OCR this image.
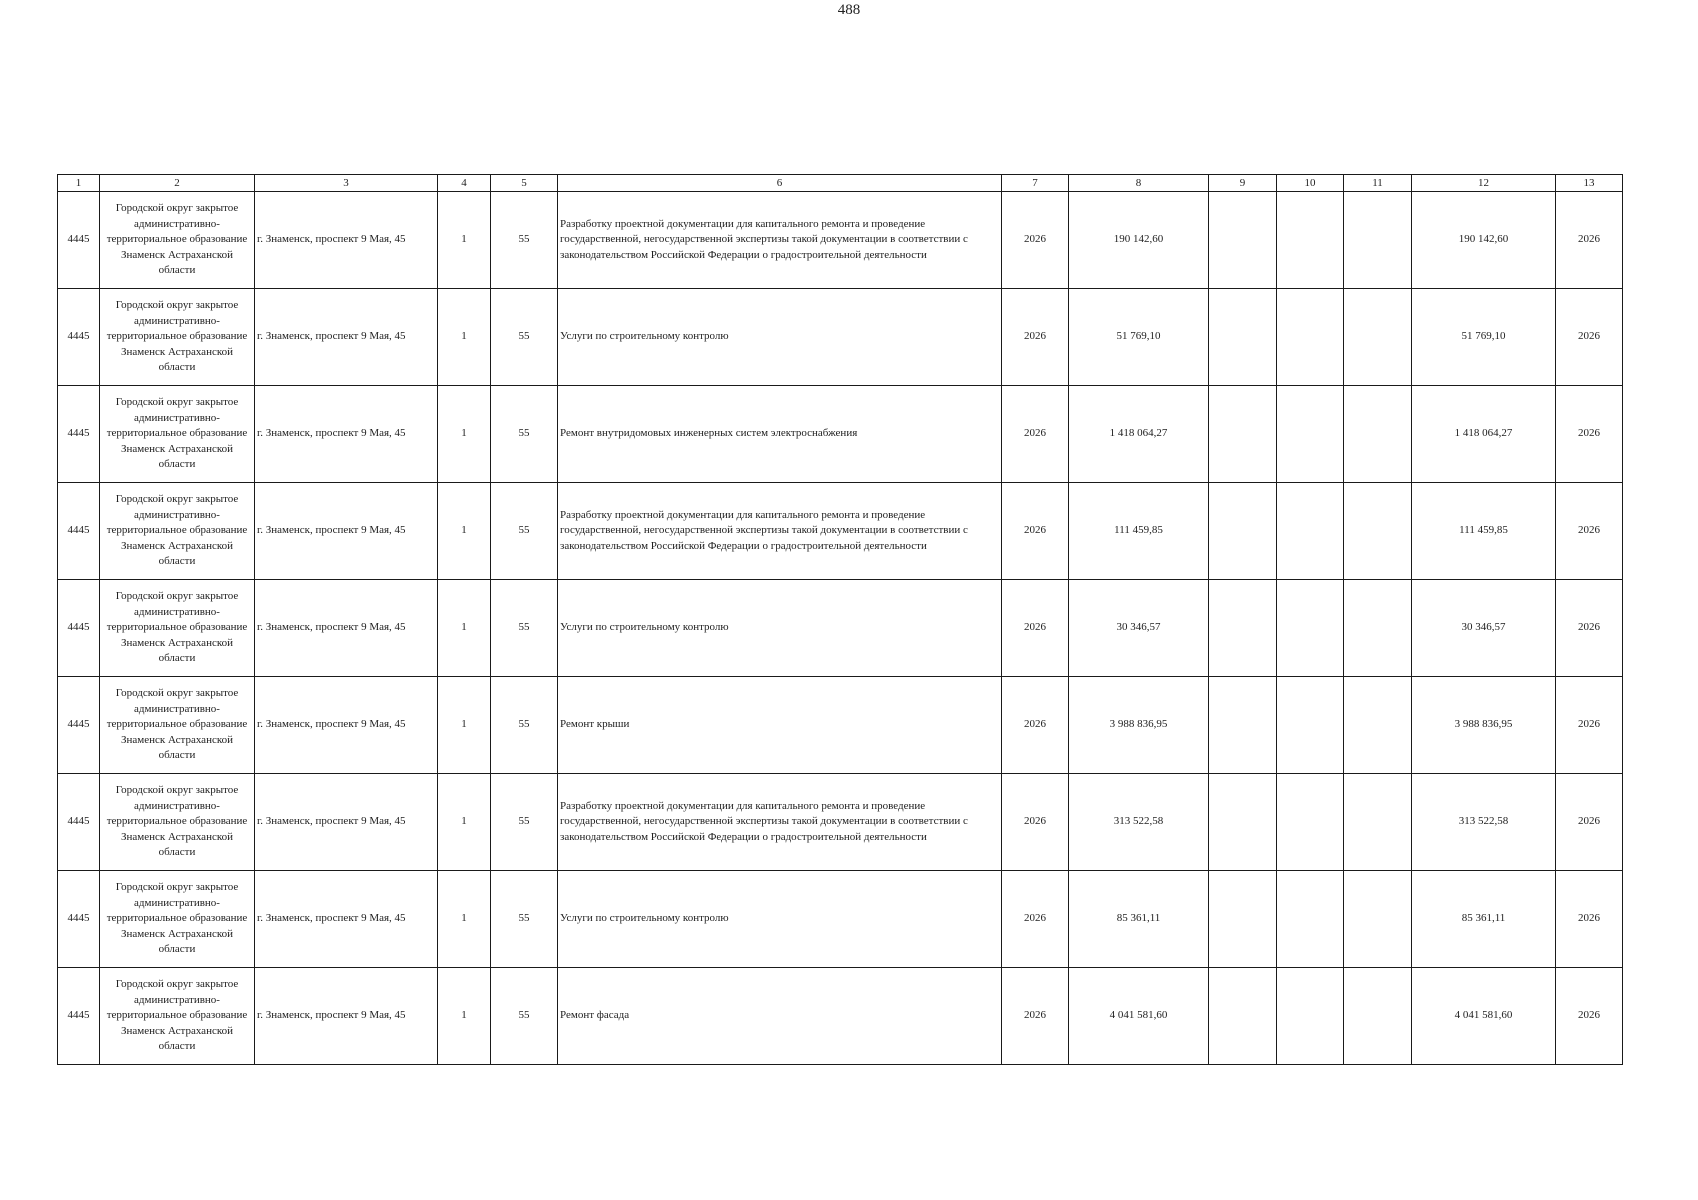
488
1	2	3	4	5	6	7	8	9	10	11	12	13
4445	Городской округ закрытое административно-территориальное образование Знаменск Астраханской области	г. Знаменск, проспект 9 Мая, 45	1	55	Разработку проектной документации для капитального ремонта и проведение государственной, негосударственной экспертизы такой документации в соответствии с законодательством Российской Федерации о градостроительной деятельности	2026	190 142,60				190 142,60	2026
4445	Городской округ закрытое административно-территориальное образование Знаменск Астраханской области	г. Знаменск, проспект 9 Мая, 45	1	55	Услуги по строительному контролю	2026	51 769,10				51 769,10	2026
4445	Городской округ закрытое административно-территориальное образование Знаменск Астраханской области	г. Знаменск, проспект 9 Мая, 45	1	55	Ремонт внутридомовых инженерных систем электроснабжения	2026	1 418 064,27				1 418 064,27	2026
4445	Городской округ закрытое административно-территориальное образование Знаменск Астраханской области	г. Знаменск, проспект 9 Мая, 45	1	55	Разработку проектной документации для капитального ремонта и проведение государственной, негосударственной экспертизы такой документации в соответствии с законодательством Российской Федерации о градостроительной деятельности	2026	111 459,85				111 459,85	2026
4445	Городской округ закрытое административно-территориальное образование Знаменск Астраханской области	г. Знаменск, проспект 9 Мая, 45	1	55	Услуги по строительному контролю	2026	30 346,57				30 346,57	2026
4445	Городской округ закрытое административно-территориальное образование Знаменск Астраханской области	г. Знаменск, проспект 9 Мая, 45	1	55	Ремонт крыши	2026	3 988 836,95				3 988 836,95	2026
4445	Городской округ закрытое административно-территориальное образование Знаменск Астраханской области	г. Знаменск, проспект 9 Мая, 45	1	55	Разработку проектной документации для капитального ремонта и проведение государственной, негосударственной экспертизы такой документации в соответствии с законодательством Российской Федерации о градостроительной деятельности	2026	313 522,58				313 522,58	2026
4445	Городской округ закрытое административно-территориальное образование Знаменск Астраханской области	г. Знаменск, проспект 9 Мая, 45	1	55	Услуги по строительному контролю	2026	85 361,11				85 361,11	2026
4445	Городской округ закрытое административно-территориальное образование Знаменск Астраханской области	г. Знаменск, проспект 9 Мая, 45	1	55	Ремонт фасада	2026	4 041 581,60				4 041 581,60	2026
